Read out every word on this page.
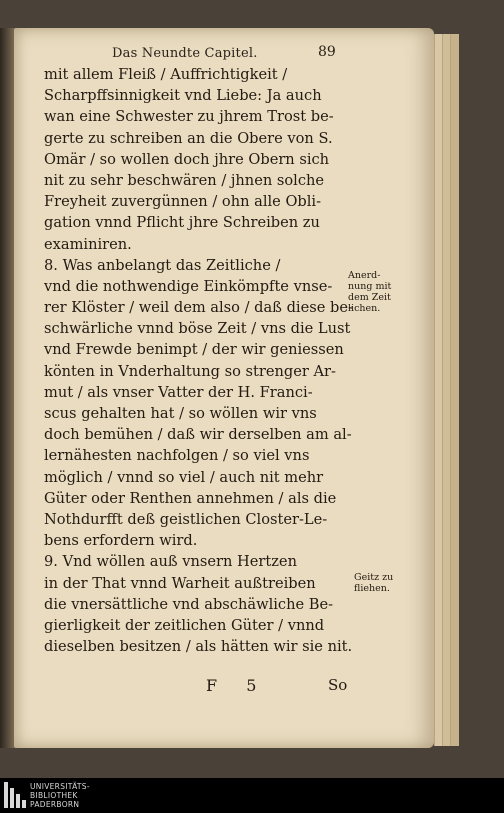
Das Neundte Capitel.	89
mit allem Fleiß / Auffrichtigkeit /
Scharpffsinnigkeit vnd Liebe: Ja auch
wan eine Schwester zu jhrem Trost be-
gerte zu schreiben an die Obere von S.
Omär / so wollen doch jhre Obern sich
nit zu sehr beschwären / jhnen solche
Freyheit zuvergünnen / ohn alle Obli-
gation vnnd Pflicht jhre Schreiben zu
examiniren.
8. Was anbelangt das Zeitliche /
vnd die nothwendige Einkömpfte vnse-
rer Klöster / weil dem also / daß diese be-
schwärliche vnnd böse Zeit / vns die Lust
vnd Frewde benimpt / der wir geniessen
könten in Vnderhaltung so strenger Ar-
mut / als vnser Vatter der H. Franci-
scus gehalten hat / so wöllen wir vns
doch bemühen / daß wir derselben am al-
lernähesten nachfolgen / so viel vns
möglich / vnnd so viel / auch nit mehr
Güter oder Renthen annehmen / als die
Nothdurfft deß geistlichen Closter-Le-
bens erfordern wird.
9. Vnd wöllen auß vnsern Hertzen
in der That vnnd Warheit außtreiben
die vnersättliche vnd abschäwliche Be-
gierligkeit der zeitlichen Güter / vnnd
dieselben besitzen / als hätten wir sie nit.
Anerd-
nung mit
dem Zeit
lichen.
Geitz zu
fliehen.
F 5	So
UNIVERSITÄTS-
BIBLIOTHEK
PADERBORN
